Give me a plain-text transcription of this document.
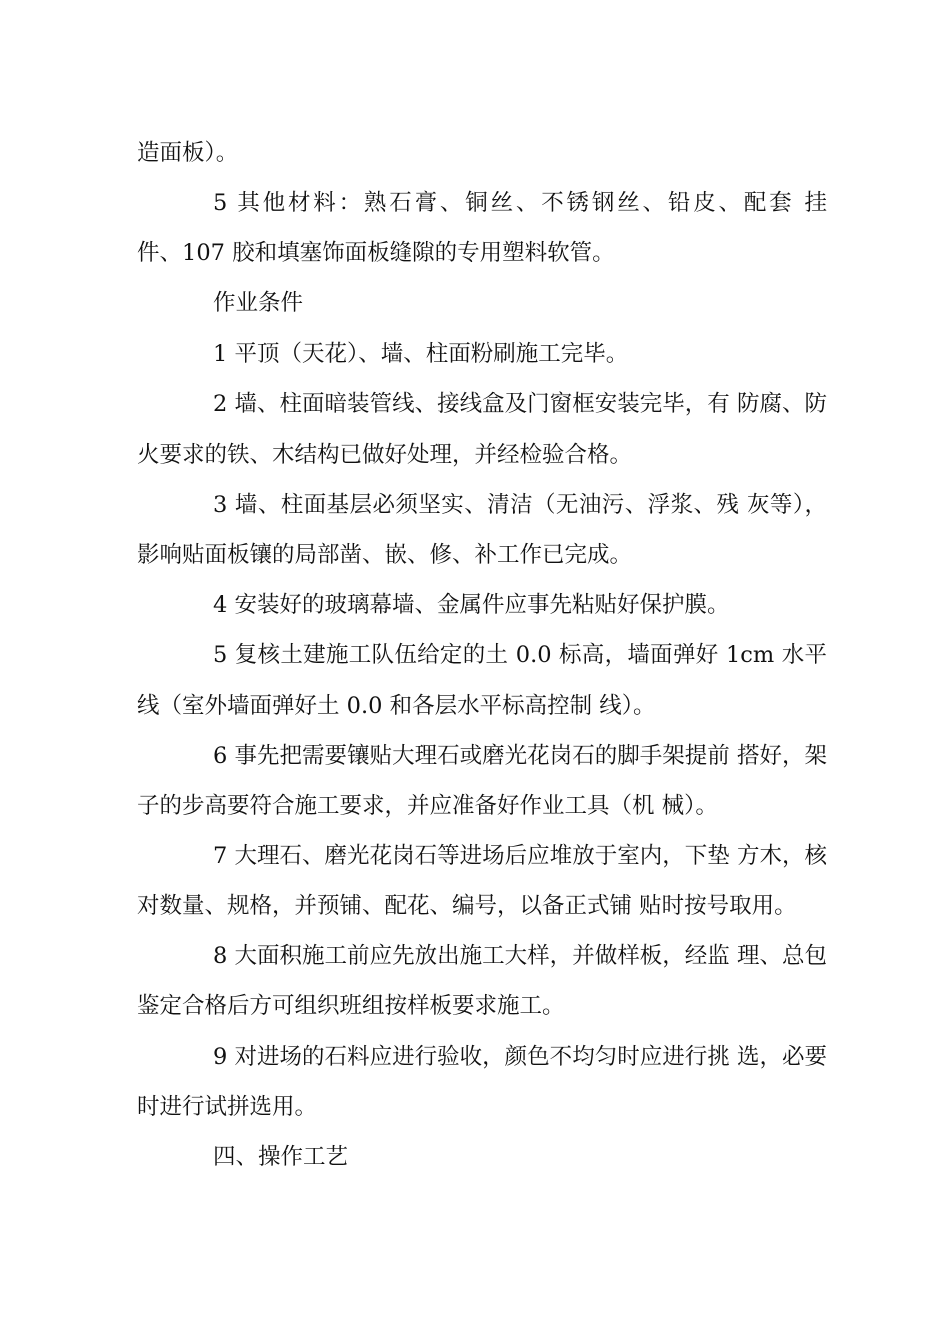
造面板）。
5 其他材料：熟石膏、铜丝、不锈钢丝、铅皮、配套 挂
件、107 胶和填塞饰面板缝隙的专用塑料软管。
作业条件
1 平顶（天花）、墙、柱面粉刷施工完毕。
2 墙、柱面暗装管线、接线盒及门窗框安装完毕，有 防腐、防
火要求的铁、木结构已做好处理，并经检验合格。
3 墙、柱面基层必须坚实、清洁（无油污、浮浆、残 灰等），
影响贴面板镶的局部凿、嵌、修、补工作已完成。
4 安装好的玻璃幕墙、金属件应事先粘贴好保护膜。
5 复核土建施工队伍给定的土 0.0 标高，墙面弹好 1cm 水平
线（室外墙面弹好土 0.0 和各层水平标高控制 线）。
6 事先把需要镶贴大理石或磨光花岗石的脚手架提前 搭好，架
子的步高要符合施工要求，并应准备好作业工具（机 械）。
7 大理石、磨光花岗石等进场后应堆放于室内，下垫 方木，核
对数量、规格，并预铺、配花、编号，以备正式铺 贴时按号取用。
8 大面积施工前应先放出施工大样，并做样板，经监 理、总包
鉴定合格后方可组织班组按样板要求施工。
9 对进场的石料应进行验收，颜色不均匀时应进行挑 选，必要
时进行试拼选用。
四、操作工艺
